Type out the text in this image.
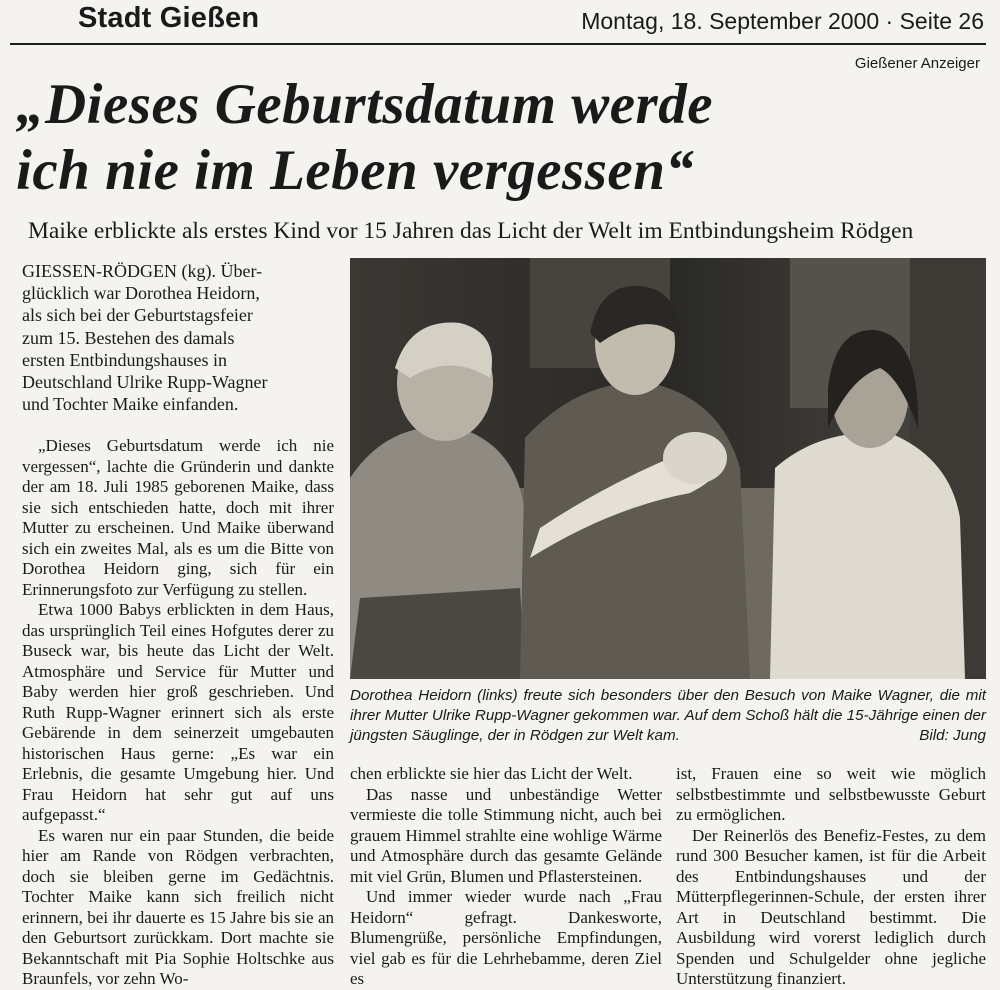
Stadt Gießen	Montag, 18. September 2000 · Seite 26
Gießener Anzeiger
„Dieses Geburtsdatum werde
ich nie im Leben vergessen“
Maike erblickte als erstes Kind vor 15 Jahren das Licht der Welt im Entbindungsheim Rödgen

GIESSEN-RÖDGEN (kg). Über-
glücklich war Dorothea Heidorn,
als sich bei der Geburtstagsfeier
zum 15. Bestehen des damals
ersten Entbindungshauses in
Deutschland Ulrike Rupp-Wagner
und Tochter Maike einfanden.

„Dieses Geburtsdatum werde ich nie vergessen“, lachte die Gründerin und dankte der am 18. Juli 1985 geborenen Maike, dass sie sich entschieden hatte, doch mit ihrer Mutter zu erscheinen. Und Maike überwand sich ein zweites Mal, als es um die Bitte von Dorothea Heidorn ging, sich für ein Erinnerungsfoto zur Verfügung zu stellen.

Etwa 1000 Babys erblickten in dem Haus, das ursprünglich Teil eines Hofgutes derer zu Buseck war, bis heute das Licht der Welt. Atmosphäre und Service für Mutter und Baby werden hier groß geschrieben. Und Ruth Rupp-Wagner erinnert sich als erste Gebärende in dem seinerzeit umgebauten historischen Haus gerne: „Es war ein Erlebnis, die gesamte Umgebung hier. Und Frau Heidorn hat sehr gut auf uns aufgepasst.“

Es waren nur ein paar Stunden, die beide hier am Rande von Rödgen verbrachten, doch sie bleiben gerne im Gedächtnis. Tochter Maike kann sich freilich nicht erinnern, bei ihr dauerte es 15 Jahre bis sie an den Geburtsort zurückkam. Dort machte sie Bekanntschaft mit Pia Sophie Holtschke aus Braunfels, vor zehn Wo-

Dorothea Heidorn (links) freute sich besonders über den Besuch von Maike Wagner, die mit ihrer Mutter Ulrike Rupp-Wagner gekommen war. Auf dem Schoß hält die 15-Jährige einen der jüngsten Säuglinge, der in Rödgen zur Welt kam.	Bild: Jung

chen erblickte sie hier das Licht der Welt.

Das nasse und unbeständige Wetter vermieste die tolle Stimmung nicht, auch bei grauem Himmel strahlte eine wohlige Wärme und Atmosphäre durch das gesamte Gelände mit viel Grün, Blumen und Pflastersteinen.

Und immer wieder wurde nach „Frau Heidorn“ gefragt. Dankesworte, Blumengrüße, persönliche Empfindungen, viel gab es für die Lehrhebamme, deren Ziel es

ist, Frauen eine so weit wie möglich selbstbestimmte und selbstbewusste Geburt zu ermöglichen.

Der Reinerlös des Benefiz-Festes, zu dem rund 300 Besucher kamen, ist für die Arbeit des Entbindungshauses und der Mütterpflegerinnen-Schule, der ersten ihrer Art in Deutschland bestimmt. Die Ausbildung wird vorerst lediglich durch Spenden und Schulgelder ohne jegliche Unterstützung finanziert.
